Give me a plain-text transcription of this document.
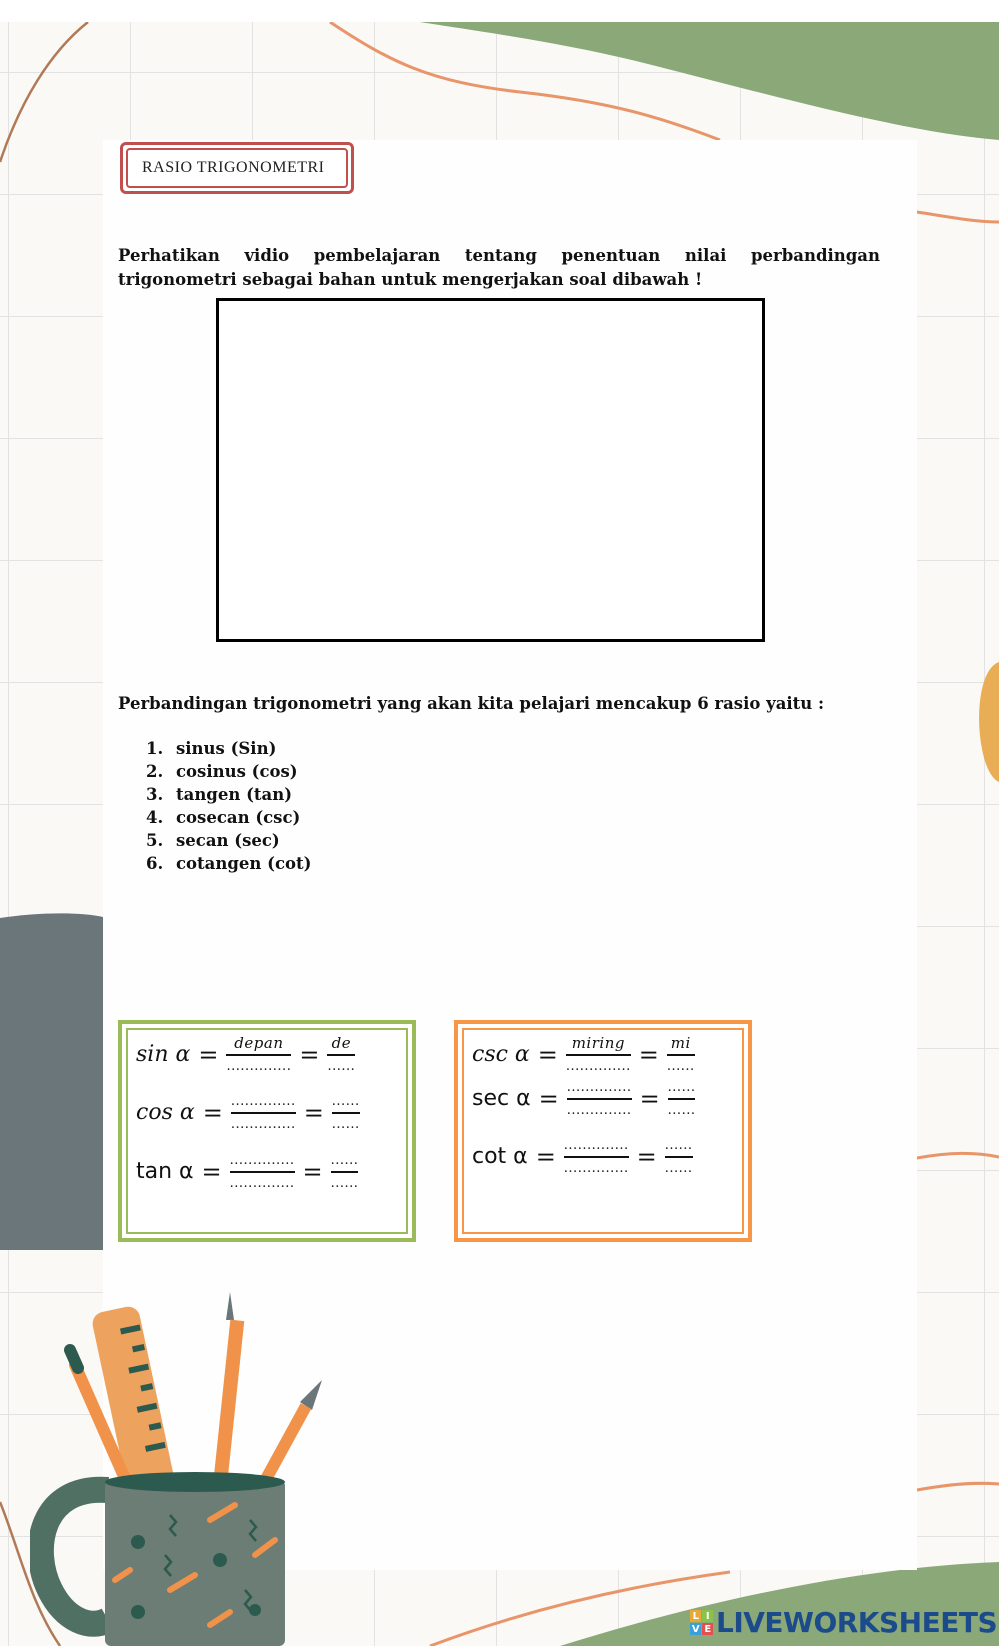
RASIO TRIGONOMETRI
Perhatikan vidio pembelajaran tentang penentuan nilai perbandingan trigonometri sebagai bahan untuk mengerjakan soal dibawah !
Perbandingan trigonometri yang akan kita pelajari mencakup 6 rasio yaitu :
1. sinus (Sin)
2. cosinus (cos)
3. tangen (tan)
4. cosecan (csc)
5. secan (sec)
6. cotangen (cot)
$\sin \alpha = \frac{\text{depan}}{..............} = \frac{de}{......}$
$\cos \alpha = \frac{..............}{..............} = \frac{......}{......}$
$\tan \alpha = \frac{..............}{..............} = \frac{......}{......}$
$\csc \alpha = \frac{\text{miring}}{..............} = \frac{mi}{......}$
$\sec \alpha = \frac{..............}{..............} = \frac{......}{......}$
$\cot \alpha = \frac{..............}{..............} = \frac{......}{......}$
L I
V E LIVEWORKSHEETS
